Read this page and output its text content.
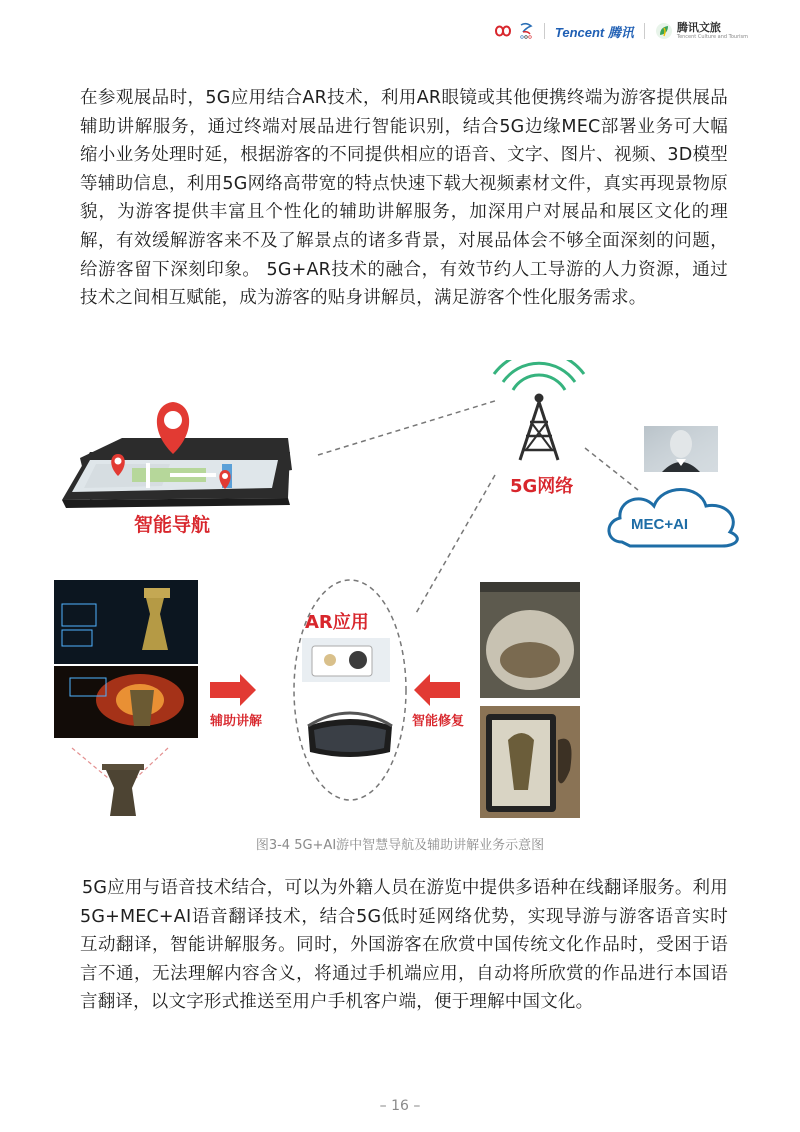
Tencent 腾讯	腾讯文旅
Tencent Culture and Tourism

在参观展品时，5G应用结合AR技术，利用AR眼镜或其他便携终端为游客提供展品辅助讲解服务，通过终端对展品进行智能识别，结合5G边缘MEC部署业务可大幅缩小业务处理时延，根据游客的不同提供相应的语音、文字、图片、视频、3D模型等辅助信息，利用5G网络高带宽的特点快速下载大视频素材文件，真实再现景物原貌，为游客提供丰富且个性化的辅助讲解服务，加深用户对展品和展区文化的理解，有效缓解游客来不及了解景点的诸多背景，对展品体会不够全面深刻的问题，给游客留下深刻印象。 5G+AR技术的融合，有效节约人工导游的人力资源，通过技术之间相互赋能，成为游客的贴身讲解员，满足游客个性化服务需求。

智能导航
5G网络
MEC+AI
AR应用
辅助讲解	智能修复
图3-4 5G+AI游中智慧导航及辅助讲解业务示意图

5G应用与语音技术结合，可以为外籍人员在游览中提供多语种在线翻译服务。利用5G+MEC+AI语音翻译技术，结合5G低时延网络优势，实现导游与游客语音实时互动翻译，智能讲解服务。同时，外国游客在欣赏中国传统文化作品时，受困于语言不通，无法理解内容含义，将通过手机端应用，自动将所欣赏的作品进行本国语言翻译，以文字形式推送至用户手机客户端，便于理解中国文化。

– 16 –
